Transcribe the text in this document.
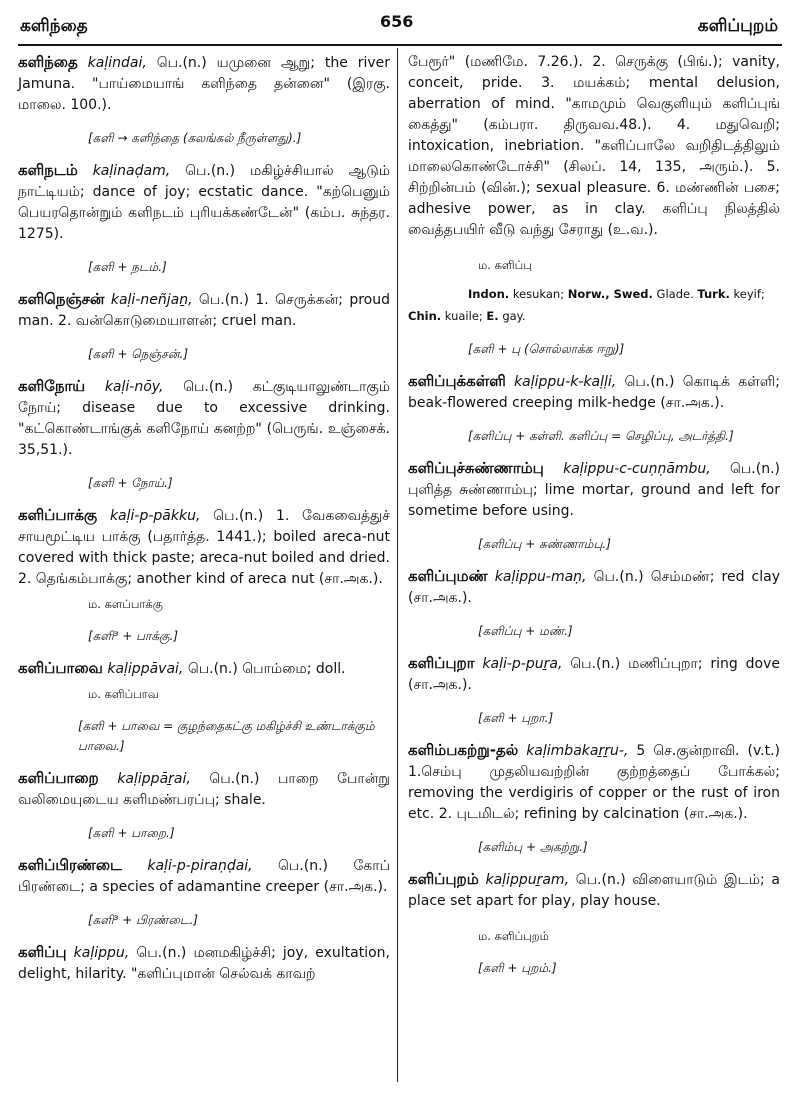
களிந்தை	656	களிப்புறம்

களிந்தை kaḷindai, பெ.(n.) யமுனை ஆறு; the river Jamuna. "பாய்மையாங் களிந்தை தன்னை" (இரகு. மாலை. 100.).

[களி → களிந்தை (கலங்கல் நீருள்ளது).]

களிநடம் kaḷinaḍam, பெ.(n.) மகிழ்ச்சியால் ஆடும் நாட்டியம்; dance of joy; ecstatic dance. "கற்பெனும் பெயரதொன்றும் களிநடம் புரியக்கண்டேன்" (கம்ப. சுந்தர. 1275).

[களி + நடம்.]

களிநெஞ்சன் kaḷi-neñjaṉ, பெ.(n.) 1. செருக்கன்; proud man. 2. வன்கொடுமையாளன்; cruel man.

[களி + நெஞ்சன்.]

களிநோய் kaḷi-nōy, பெ.(n.) கட்குடியாலுண்டாகும் நோய்; disease due to excessive drinking. "கட்கொண்டாங்குக் களிநோய் கனற்ற" (பெருங். உஞ்சைக். 35,51.).

[களி + நோய்.]

களிப்பாக்கு kaḷi-p-pākku, பெ.(n.) 1. வேகவைத்துச் சாயமூட்டிய பாக்கு (பதார்த்த. 1441.); boiled areca-nut covered with thick paste; areca-nut boiled and dried. 2. தெங்கம்பாக்கு; another kind of areca nut (சா.அக.).

ம. களப்பாக்கு

[களி³ + பாக்கு.]

களிப்பாவை kaḷippāvai, பெ.(n.) பொம்மை; doll.

ம. களிப்பாவ

[களி + பாவை = குழந்தைகட்கு மகிழ்ச்சி உண்டாக்கும் பாவை.]

களிப்பாறை kaḷippāṟai, பெ.(n.) பாறை போன்று வலிமையுடைய களிமண்பரப்பு; shale.

[களி + பாறை.]

களிப்பிரண்டை kaḷi-p-piraṇḍai, பெ.(n.) கோப் பிரண்டை; a species of adamantine creeper (சா.அக.).

[களி³ + பிரண்டை.]

களிப்பு kaḷippu, பெ.(n.) மனமகிழ்ச்சி; joy, exultation, delight, hilarity. "களிப்புமான் செல்வக் காவற்

பேரூர்" (மணிமே. 7.26.). 2. செருக்கு (பிங்.); vanity, conceit, pride. 3. மயக்கம்; mental delusion, aberration of mind. "காமமும் வெகுளியும் களிப்புங் கைத்து" (கம்பரா. திருவவ.48.). 4. மதுவெறி; intoxication, inebriation. "களிப்பாலே வறிதிடத்திலும் மாலைகொண்டோச்சி" (சிலப். 14, 135, அரும்.). 5. சிற்றின்பம் (வின்.); sexual pleasure. 6. மண்ணின் பசை; adhesive power, as in clay. களிப்பு நிலத்தில் வைத்தபயிர் வீடு வந்து சேராது (உ.வ.).

ம. களிப்பு

Indon. kesukan; Norw., Swed. Glade. Turk. keyif;
Chin. kuaile; E. gay.

[களி + பு (சொல்லாக்க ஈறு)]

களிப்புக்கள்ளி kaḷippu-k-kaḷḷi, பெ.(n.) கொடிக் கள்ளி; beak-flowered creeping milk-hedge (சா.அக.).

[களிப்பு + கள்ளி. களிப்பு = செழிப்பு, அடர்த்தி.]

களிப்புச்சுண்ணாம்பு kaḷippu-c-cuṇṇāmbu, பெ.(n.) புளித்த சுண்ணாம்பு; lime mortar, ground and left for sometime before using.

[களிப்பு + சுண்ணாம்பு.]

களிப்புமண் kaḷippu-maṇ, பெ.(n.) செம்மண்; red clay (சா.அக.).

[களிப்பு + மண்.]

களிப்புறா kaḷi-p-puṟa, பெ.(n.) மணிப்புறா; ring dove (சா.அக.).

[களி + புறா.]

களிம்பகற்று-தல் kaḷimbakaṟṟu-, 5 செ.குன்றாவி. (v.t.) 1.செம்பு முதலியவற்றின் குற்றத்தைப் போக்கல்; removing the verdigiris of copper or the rust of iron etc. 2. புடமிடல்; refining by calcination (சா.அக.).

[களிம்பு + அகற்று.]

களிப்புறம் kaḷippuṟam, பெ.(n.) விளையாடும் இடம்; a place set apart for play, play house.

ம. களிப்புறம்

[களி + புறம்.]
